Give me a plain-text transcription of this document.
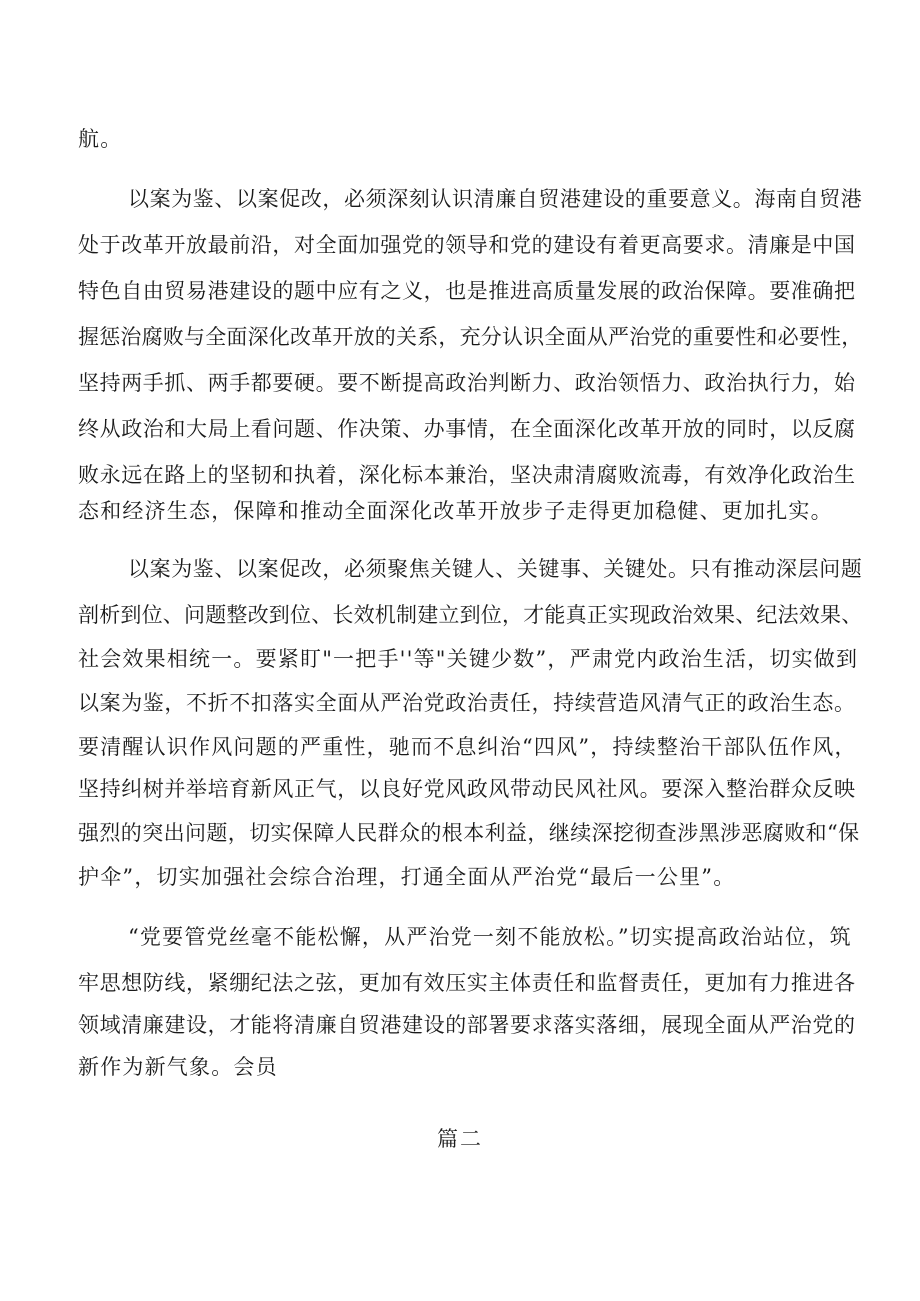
航。
以案为鉴、以案促改，必须深刻认识清廉自贸港建设的重要意义。海南自贸港
处于改革开放最前沿，对全面加强党的领导和党的建设有着更高要求。清廉是中国
特色自由贸易港建设的题中应有之义，也是推进高质量发展的政治保障。要准确把
握惩治腐败与全面深化改革开放的关系，充分认识全面从严治党的重要性和必要性，
坚持两手抓、两手都要硬。要不断提高政治判断力、政治领悟力、政治执行力，始
终从政治和大局上看问题、作决策、办事情，在全面深化改革开放的同时，以反腐
败永远在路上的坚韧和执着，深化标本兼治，坚决肃清腐败流毒，有效净化政治生
态和经济生态，保障和推动全面深化改革开放步子走得更加稳健、更加扎实。
以案为鉴、以案促改，必须聚焦关键人、关键事、关键处。只有推动深层问题
剖析到位、问题整改到位、长效机制建立到位，才能真正实现政治效果、纪法效果、
社会效果相统一。要紧盯"一把手''等"关键少数”，严肃党内政治生活，切实做到
以案为鉴，不折不扣落实全面从严治党政治责任，持续营造风清气正的政治生态。
要清醒认识作风问题的严重性，驰而不息纠治“四风”，持续整治干部队伍作风，
坚持纠树并举培育新风正气，以良好党风政风带动民风社风。要深入整治群众反映
强烈的突出问题，切实保障人民群众的根本利益，继续深挖彻查涉黑涉恶腐败和“保
护伞”，切实加强社会综合治理，打通全面从严治党“最后一公里”。
“党要管党丝毫不能松懈，从严治党一刻不能放松。”切实提高政治站位，筑
牢思想防线，紧绷纪法之弦，更加有效压实主体责任和监督责任，更加有力推进各
领域清廉建设，才能将清廉自贸港建设的部署要求落实落细，展现全面从严治党的
新作为新气象。会员
篇二
